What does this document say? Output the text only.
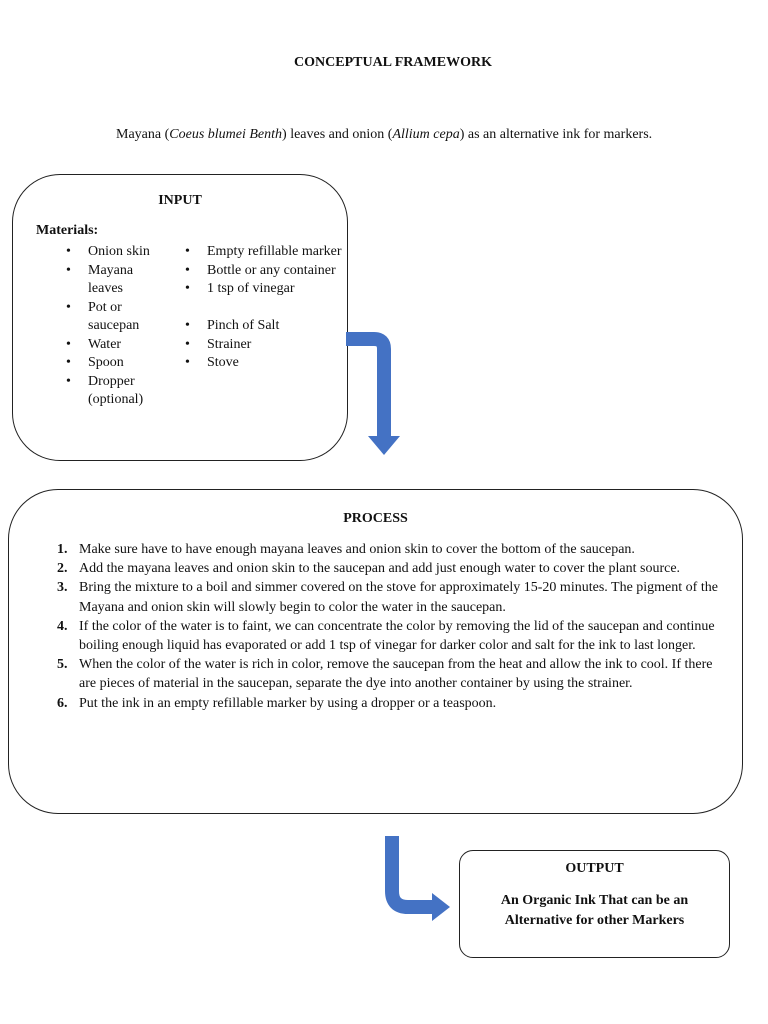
CONCEPTUAL FRAMEWORK
Mayana (Coeus blumei Benth) leaves and onion (Allium cepa) as an alternative ink for markers.
INPUT
Materials:
• Onion skin
• Mayana leaves
• Pot or saucepan
• Water
• Spoon
• Dropper (optional)
• Empty refillable marker
• Bottle or any container
• 1 tsp of vinegar
• Pinch of Salt
• Strainer
• Stove
PROCESS
1. Make sure have to have enough mayana leaves and onion skin to cover the bottom of the saucepan.
2. Add the mayana leaves and onion skin to the saucepan and add just enough water to cover the plant source.
3. Bring the mixture to a boil and simmer covered on the stove for approximately 15-20 minutes. The pigment of the Mayana and onion skin will slowly begin to color the water in the saucepan.
4. If the color of the water is to faint, we can concentrate the color by removing the lid of the saucepan and continue boiling enough liquid has evaporated or add 1 tsp of vinegar for darker color and salt for the ink to last longer.
5. When the color of the water is rich in color, remove the saucepan from the heat and allow the ink to cool. If there are pieces of material in the saucepan, separate the dye into another container by using the strainer.
6. Put the ink in an empty refillable marker by using a dropper or a teaspoon.
OUTPUT
An Organic Ink That can be an
Alternative for other Markers
